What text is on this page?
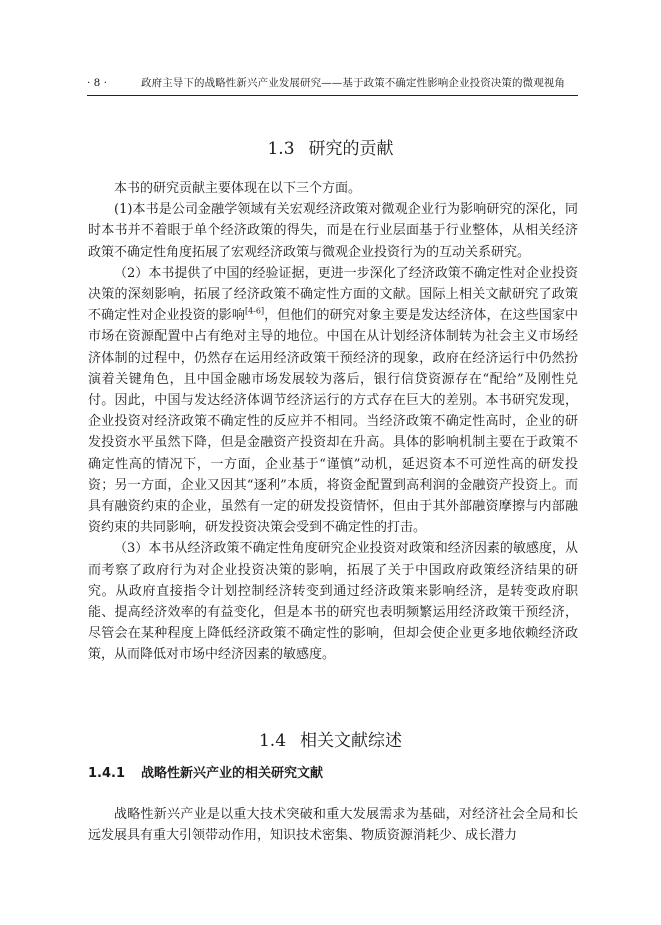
· 8 ·	政府主导下的战略性新兴产业发展研究——基于政策不确定性影响企业投资决策的微观视角
1.3 研究的贡献

本书的研究贡献主要体现在以下三个方面。

(1)本书是公司金融学领域有关宏观经济政策对微观企业行为影响研究的深化，同时本书并不着眼于单个经济政策的得失，而是在行业层面基于行业整体，从相关经济政策不确定性角度拓展了宏观经济政策与微观企业投资行为的互动关系研究。

（2）本书提供了中国的经验证据，更进一步深化了经济政策不确定性对企业投资决策的深刻影响，拓展了经济政策不确定性方面的文献。国际上相关文献研究了政策不确定性对企业投资的影响[4-6]，但他们的研究对象主要是发达经济体，在这些国家中市场在资源配置中占有绝对主导的地位。中国在从计划经济体制转为社会主义市场经济体制的过程中，仍然存在运用经济政策干预经济的现象，政府在经济运行中仍然扮演着关键角色，且中国金融市场发展较为落后，银行信贷资源存在“配给”及刚性兑付。因此，中国与发达经济体调节经济运行的方式存在巨大的差别。本书研究发现，企业投资对经济政策不确定性的反应并不相同。当经济政策不确定性高时，企业的研发投资水平虽然下降，但是金融资产投资却在升高。具体的影响机制主要在于政策不确定性高的情况下，一方面，企业基于“谨慎”动机，延迟资本不可逆性高的研发投资；另一方面，企业又因其“逐利”本质，将资金配置到高利润的金融资产投资上。而具有融资约束的企业，虽然有一定的研发投资情怀，但由于其外部融资摩擦与内部融资约束的共同影响，研发投资决策会受到不确定性的打击。

（3）本书从经济政策不确定性角度研究企业投资对政策和经济因素的敏感度，从而考察了政府行为对企业投资决策的影响，拓展了关于中国政府政策经济结果的研究。从政府直接指令计划控制经济转变到通过经济政策来影响经济，是转变政府职能、提高经济效率的有益变化，但是本书的研究也表明频繁运用经济政策干预经济，尽管会在某种程度上降低经济政策不确定性的影响，但却会使企业更多地依赖经济政策，从而降低对市场中经济因素的敏感度。

1.4 相关文献综述
1.4.1 战略性新兴产业的相关研究文献

战略性新兴产业是以重大技术突破和重大发展需求为基础，对经济社会全局和长远发展具有重大引领带动作用，知识技术密集、物质资源消耗少、成长潜力
